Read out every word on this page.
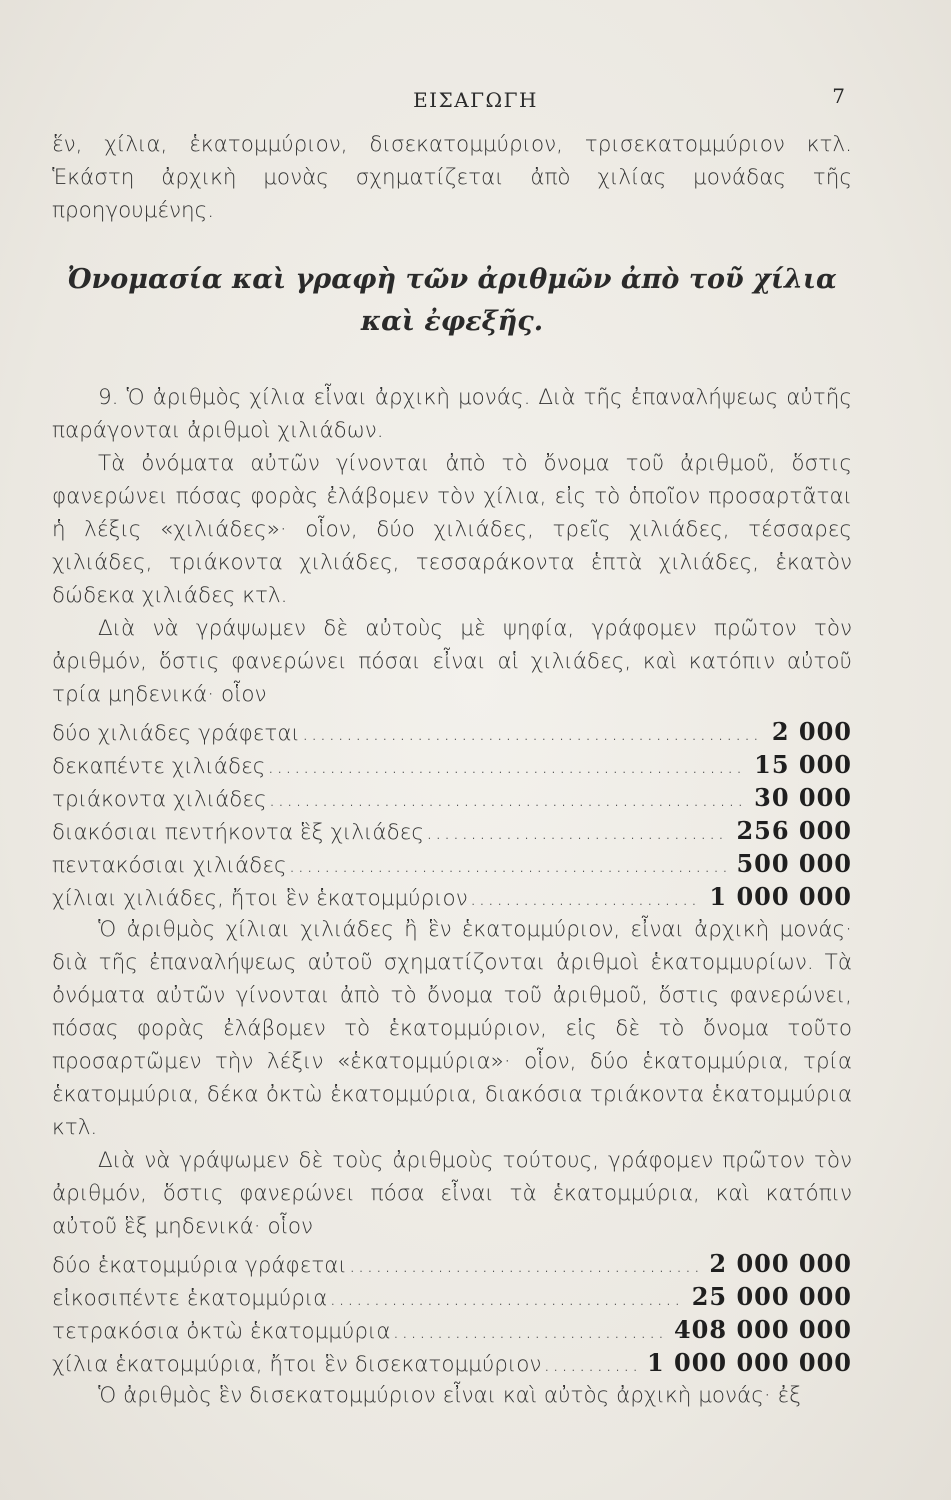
ΕΙΣΑΓΩΓΗ	7

ἕν, χίλια, ἑκατομμύριον, δισεκατομμύριον, τρισεκατομμύριον κτλ. Ἑκάστη ἀρχικὴ μονὰς σχηματίζεται ἀπὸ χιλίας μονάδας τῆς προηγουμένης.

Ὀνομασία καὶ γραφὴ τῶν ἀριθμῶν ἀπὸ τοῦ χίλια
καὶ ἐφεξῆς.

9. Ὁ ἀριθμὸς χίλια εἶναι ἀρχικὴ μονάς. Διὰ τῆς ἐπαναλήψεως αὐτῆς παράγονται ἀριθμοὶ χιλιάδων.

Τὰ ὀνόματα αὐτῶν γίνονται ἀπὸ τὸ ὄνομα τοῦ ἀριθμοῦ, ὅστις φανερώνει πόσας φορὰς ἐλάβομεν τὸν χίλια, εἰς τὸ ὁποῖον προσαρτᾶται ἡ λέξις «χιλιάδες»· οἷον, δύο χιλιάδες, τρεῖς χιλιάδες, τέσσαρες χιλιάδες, τριάκοντα χιλιάδες, τεσσαράκοντα ἑπτὰ χιλιάδες, ἑκατὸν δώδεκα χιλιάδες κτλ.

Διὰ νὰ γράψωμεν δὲ αὐτοὺς μὲ ψηφία, γράφομεν πρῶτον τὸν ἀριθμόν, ὅστις φανερώνει πόσαι εἶναι αἱ χιλιάδες, καὶ κατόπιν αὐτοῦ τρία μηδενικά· οἷον

δύο χιλιάδες γράφεται .....	2 000
δεκαπέντε χιλιάδες .....	15 000
τριάκοντα χιλιάδες .....	30 000
διακόσιαι πεντήκοντα ἓξ χιλιάδες .....	256 000
πεντακόσιαι χιλιάδες .....	500 000
χίλιαι χιλιάδες, ἤτοι ἓν ἑκατομμύριον .....	1 000 000

Ὁ ἀριθμὸς χίλιαι χιλιάδες ἢ ἓν ἑκατομμύριον, εἶναι ἀρχικὴ μονάς· διὰ τῆς ἐπαναλήψεως αὐτοῦ σχηματίζονται ἀριθμοὶ ἑκατομμυρίων. Τὰ ὀνόματα αὐτῶν γίνονται ἀπὸ τὸ ὄνομα τοῦ ἀριθμοῦ, ὅστις φανερώνει, πόσας φορὰς ἐλάβομεν τὸ ἑκατομμύριον, εἰς δὲ τὸ ὄνομα τοῦτο προσαρτῶμεν τὴν λέξιν «ἑκατομμύρια»· οἷον, δύο ἑκατομμύρια, τρία ἑκατομμύρια, δέκα ὀκτὼ ἑκατομμύρια, διακόσια τριάκοντα ἑκατομμύρια κτλ.

Διὰ νὰ γράψωμεν δὲ τοὺς ἀριθμοὺς τούτους, γράφομεν πρῶτον τὸν ἀριθμόν, ὅστις φανερώνει πόσα εἶναι τὰ ἑκατομμύρια, καὶ κατόπιν αὐτοῦ ἓξ μηδενικά· οἷον

δύο ἑκατομμύρια γράφεται .....	2 000 000
εἰκοσιπέντε ἑκατομμύρια .....	25 000 000
τετρακόσια ὀκτὼ ἑκατομμύρια .....	408 000 000
χίλια ἑκατομμύρια, ἤτοι ἓν δισεκατομμύριον .....	1 000 000 000

Ὁ ἀριθμὸς ἓν δισεκατομμύριον εἶναι καὶ αὐτὸς ἀρχικὴ μονάς· ἐξ
